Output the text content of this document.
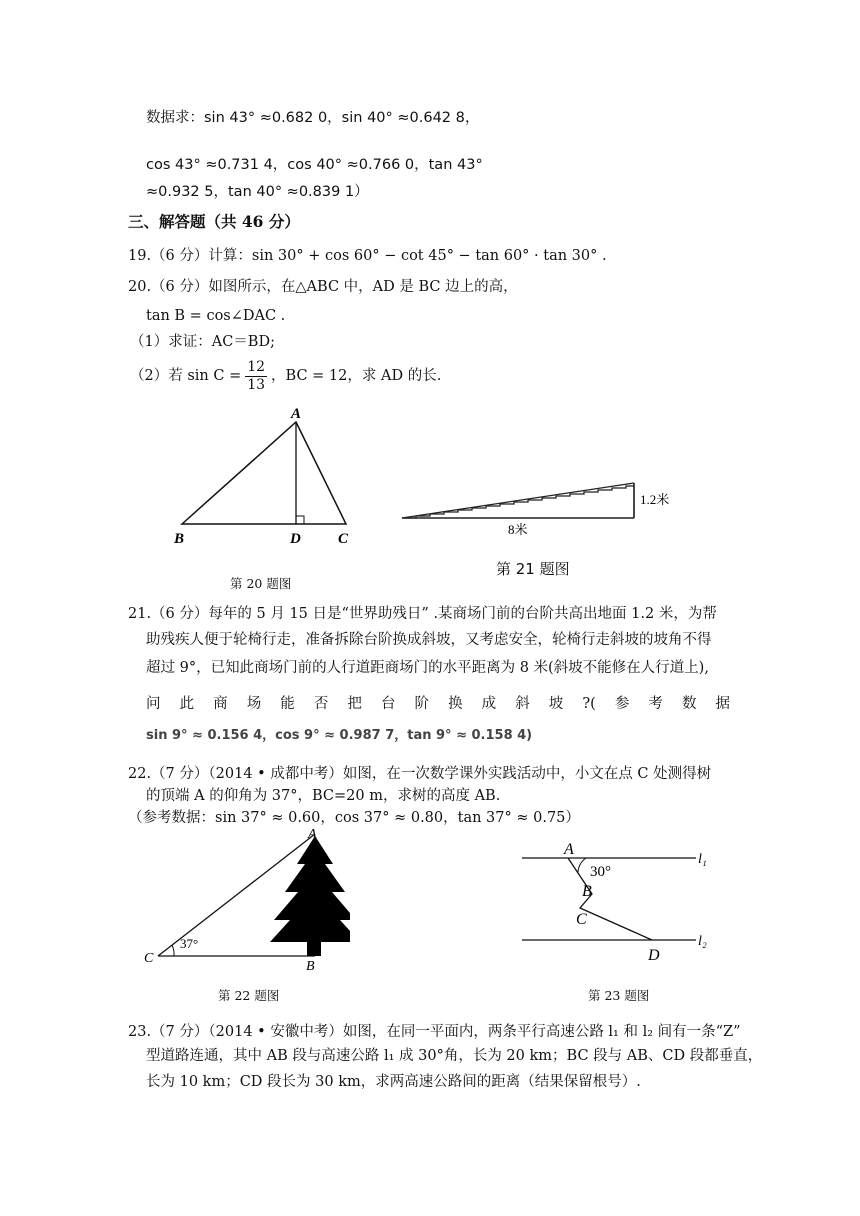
数据求：sin 43° ≈0.682 0，sin 40° ≈0.642 8，
cos 43° ≈0.731 4，cos 40° ≈0.766 0，tan 43°
≈0.932 5，tan 40° ≈0.839 1）
三、解答题（共 46 分）
19.（6 分）计算：sin 30° + cos 60° − cot 45° − tan 60° · tan 30° .
20.（6 分）如图所示，在△ABC 中，AD 是 BC 边上的高，
tan B = cos∠DAC .
（1）求证：AC＝BD;
（2）若 $\sin C = \frac{12}{13}$ ，BC = 12，求 AD 的长.
A
B	D C
第 20 题图
1.2米
8米
第 21 题图
21.（6 分）每年的 5 月 15 日是“世界助残日” .某商场门前的台阶共高出地面 1.2 米，为帮
助残疾人便于轮椅行走，准备拆除台阶换成斜坡，又考虑安全，轮椅行走斜坡的坡角不得
超过 9°，已知此商场门前的人行道距商场门的水平距离为 8 米(斜坡不能修在人行道上),
问 此 商 场 能 否 把 台 阶 换 成 斜 坡 ?( 参 考 数 据
sin 9° ≈ 0.156 4，cos 9° ≈ 0.987 7，tan 9° ≈ 0.158 4)
22.（7 分）（2014 • 成都中考）如图，在一次数学课外实践活动中，小文在点 C 处测得树
的顶端 A 的仰角为 37°，BC=20 m，求树的高度 AB.
（参考数据：sin 37° ≈ 0.60，cos 37° ≈ 0.80，tan 37° ≈ 0.75）
A
B
C
37°
第 22 题图
A
30°
B
C
D
l₁
l₂
第 23 题图
23.（7 分）（2014 • 安徽中考）如图，在同一平面内，两条平行高速公路 l₁ 和 l₂ 间有一条“Z”
型道路连通，其中 AB 段与高速公路 l₁ 成 30°角，长为 20 km；BC 段与 AB、CD 段都垂直，
长为 10 km；CD 段长为 30 km，求两高速公路间的距离（结果保留根号）.
